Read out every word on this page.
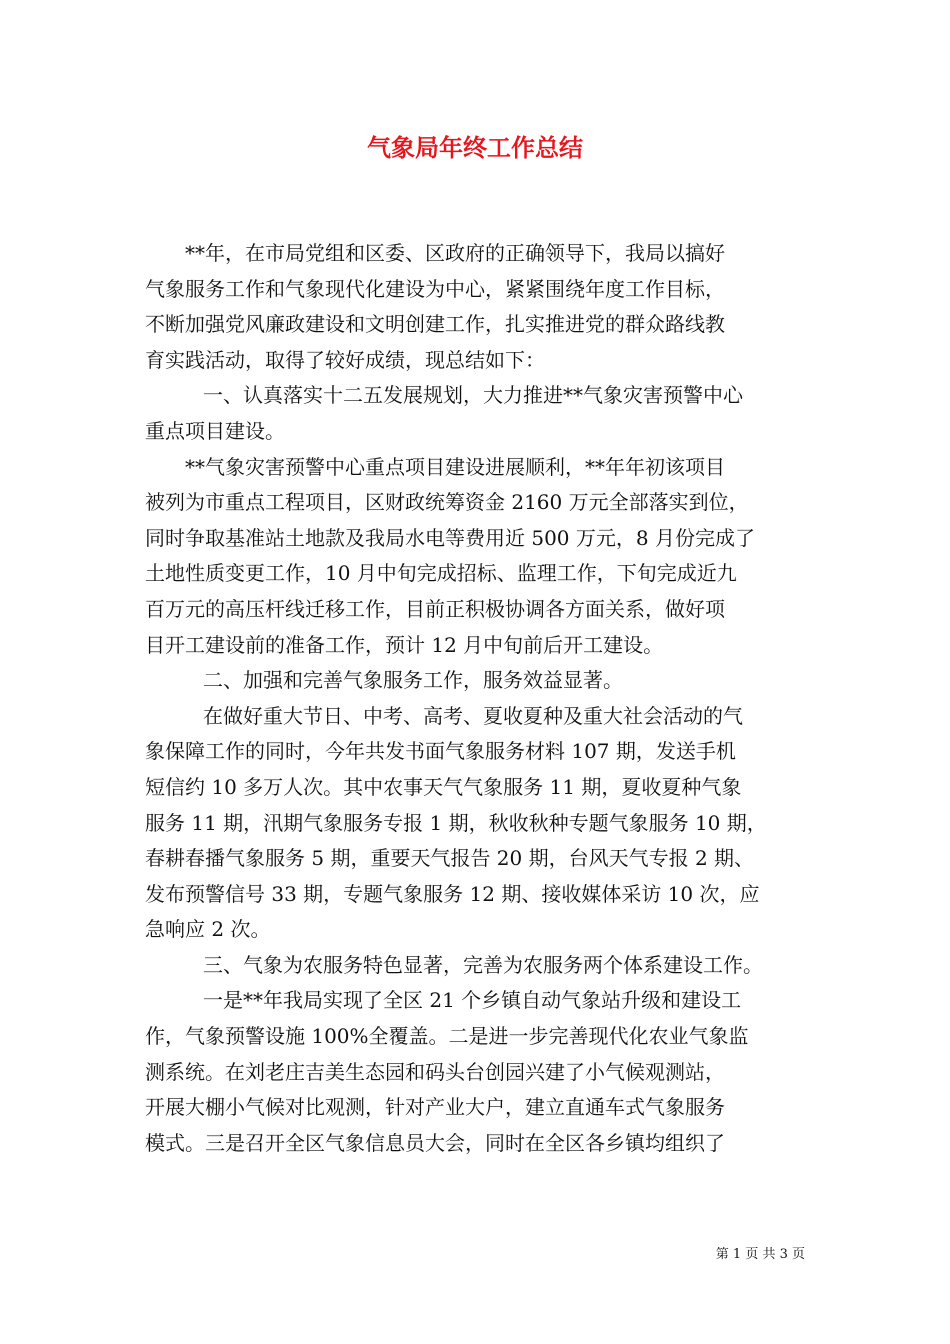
气象局年终工作总结
**年，在市局党组和区委、区政府的正确领导下，我局以搞好
气象服务工作和气象现代化建设为中心，紧紧围绕年度工作目标，
不断加强党风廉政建设和文明创建工作，扎实推进党的群众路线教
育实践活动，取得了较好成绩，现总结如下：
一、认真落实十二五发展规划，大力推进**气象灾害预警中心
重点项目建设。
**气象灾害预警中心重点项目建设进展顺利，**年年初该项目
被列为市重点工程项目，区财政统筹资金 2160 万元全部落实到位，
同时争取基准站土地款及我局水电等费用近 500 万元，8 月份完成了
土地性质变更工作，10 月中旬完成招标、监理工作，下旬完成近九
百万元的高压杆线迁移工作，目前正积极协调各方面关系，做好项
目开工建设前的准备工作，预计 12 月中旬前后开工建设。
二、加强和完善气象服务工作，服务效益显著。
在做好重大节日、中考、高考、夏收夏种及重大社会活动的气
象保障工作的同时，今年共发书面气象服务材料 107 期，发送手机
短信约 10 多万人次。其中农事天气气象服务 11 期，夏收夏种气象
服务 11 期，汛期气象服务专报 1 期，秋收秋种专题气象服务 10 期，
春耕春播气象服务 5 期，重要天气报告 20 期，台风天气专报 2 期、
发布预警信号 33 期，专题气象服务 12 期、接收媒体采访 10 次，应
急响应 2 次。
三、气象为农服务特色显著，完善为农服务两个体系建设工作。
一是**年我局实现了全区 21 个乡镇自动气象站升级和建设工
作，气象预警设施 100%全覆盖。二是进一步完善现代化农业气象监
测系统。在刘老庄吉美生态园和码头台创园兴建了小气候观测站，
开展大棚小气候对比观测，针对产业大户，建立直通车式气象服务
模式。三是召开全区气象信息员大会，同时在全区各乡镇均组织了
第 1 页 共 3 页
